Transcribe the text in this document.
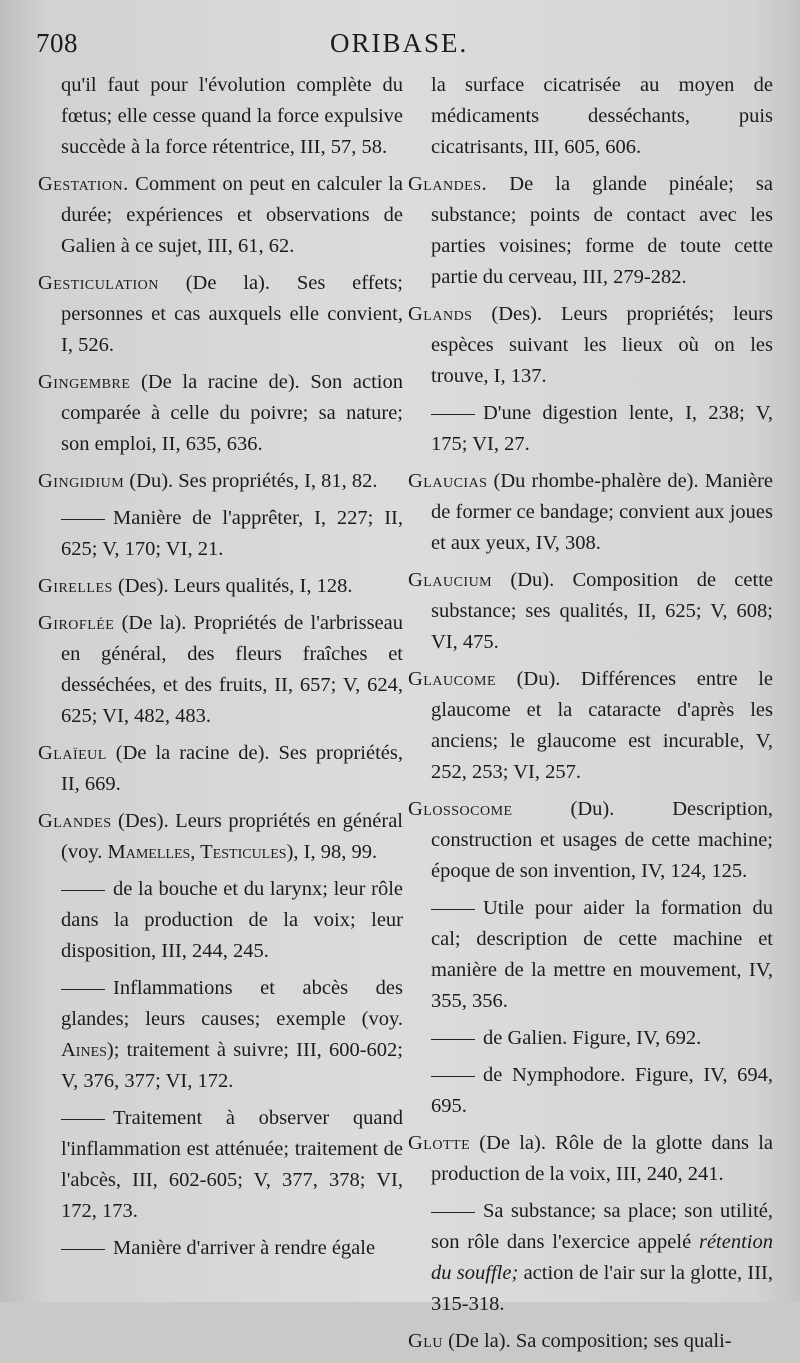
708	ORIBASE.

qu'il faut pour l'évolution complète du fœtus; elle cesse quand la force expulsive succède à la force rétentrice, III, 57, 58.

Gestation. Comment on peut en calculer la durée; expériences et observations de Galien à ce sujet, III, 61, 62.

Gesticulation (De la). Ses effets; personnes et cas auxquels elle convient, I, 526.

Gingembre (De la racine de). Son action comparée à celle du poivre; sa nature; son emploi, II, 635, 636.

Gingidium (Du). Ses propriétés, I, 81, 82.

Manière de l'apprêter, I, 227; II, 625; V, 170; VI, 21.

Girelles (Des). Leurs qualités, I, 128.

Giroflée (De la). Propriétés de l'arbrisseau en général, des fleurs fraîches et desséchées, et des fruits, II, 657; V, 624, 625; VI, 482, 483.

Glaïeul (De la racine de). Ses propriétés, II, 669.

Glandes (Des). Leurs propriétés en général (voy. Mamelles, Testicules), I, 98, 99.

de la bouche et du larynx; leur rôle dans la production de la voix; leur disposition, III, 244, 245.

Inflammations et abcès des glandes; leurs causes; exemple (voy. Aines); traitement à suivre; III, 600-602; V, 376, 377; VI, 172.

Traitement à observer quand l'inflammation est atténuée; traitement de l'abcès, III, 602-605; V, 377, 378; VI, 172, 173.

Manière d'arriver à rendre égale

la surface cicatrisée au moyen de médicaments desséchants, puis cicatrisants, III, 605, 606.

Glandes. De la glande pinéale; sa substance; points de contact avec les parties voisines; forme de toute cette partie du cerveau, III, 279-282.

Glands (Des). Leurs propriétés; leurs espèces suivant les lieux où on les trouve, I, 137.

D'une digestion lente, I, 238; V, 175; VI, 27.

Glaucias (Du rhombe-phalère de). Manière de former ce bandage; convient aux joues et aux yeux, IV, 308.

Glaucium (Du). Composition de cette substance; ses qualités, II, 625; V, 608; VI, 475.

Glaucome (Du). Différences entre le glaucome et la cataracte d'après les anciens; le glaucome est incurable, V, 252, 253; VI, 257.

Glossocome (Du). Description, construction et usages de cette machine; époque de son invention, IV, 124, 125.

Utile pour aider la formation du cal; description de cette machine et manière de la mettre en mouvement, IV, 355, 356.

de Galien. Figure, IV, 692.

de Nymphodore. Figure, IV, 694, 695.

Glotte (De la). Rôle de la glotte dans la production de la voix, III, 240, 241.

Sa substance; sa place; son utilité, son rôle dans l'exercice appelé rétention du souffle; action de l'air sur la glotte, III, 315-318.

Glu (De la). Sa composition; ses quali-
